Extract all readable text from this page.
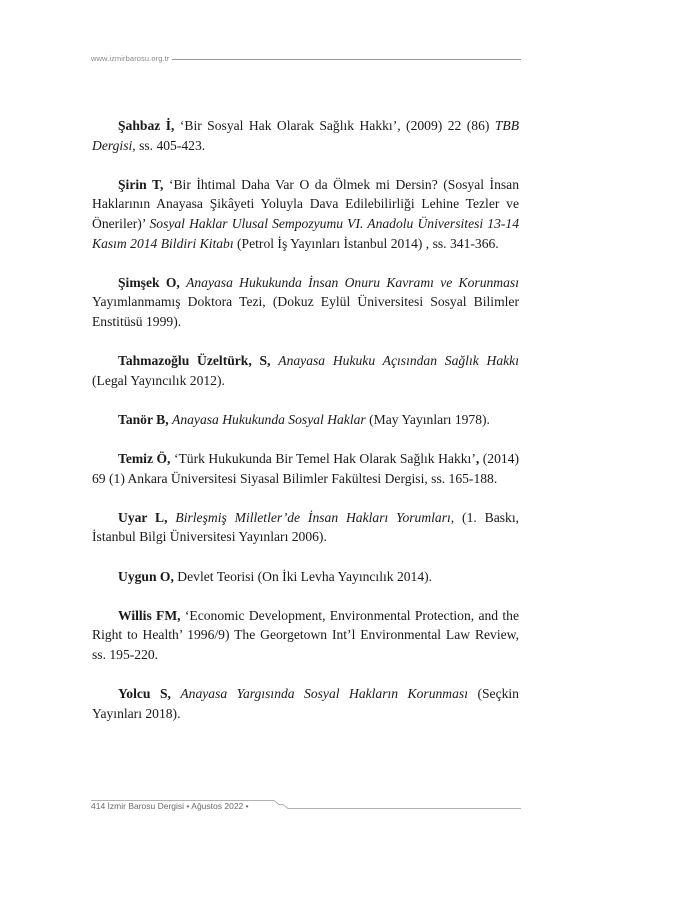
www.izmirbarosu.org.tr

Şahbaz İ, ‘Bir Sosyal Hak Olarak Sağlık Hakkı’, (2009) 22 (86) TBB Dergisi, ss. 405-423.

Şirin T, ‘Bir İhtimal Daha Var O da Ölmek mi Dersin? (Sosyal İnsan Haklarının Anayasa Şikâyeti Yoluyla Dava Edilebilirliği Lehine Tezler ve Öneriler)’ Sosyal Haklar Ulusal Sempozyumu VI. Anadolu Üniversitesi 13-14 Kasım 2014 Bildiri Kitabı (Petrol İş Yayınları İstanbul 2014) , ss. 341-366.

Şimşek O, Anayasa Hukukunda İnsan Onuru Kavramı ve Korunması Yayımlanmamış Doktora Tezi, (Dokuz Eylül Üniversitesi Sosyal Bilimler Enstitüsü 1999).

Tahmazoğlu Üzeltürk, S, Anayasa Hukuku Açısından Sağlık Hakkı (Legal Yayıncılık 2012).

Tanör B, Anayasa Hukukunda Sosyal Haklar (May Yayınları 1978).

Temiz Ö, ‘Türk Hukukunda Bir Temel Hak Olarak Sağlık Hakkı’, (2014) 69 (1) Ankara Üniversitesi Siyasal Bilimler Fakültesi Dergisi, ss. 165-188.

Uyar L, Birleşmiş Milletler’de İnsan Hakları Yorumları, (1. Baskı, İstanbul Bilgi Üniversitesi Yayınları 2006).

Uygun O, Devlet Teorisi (On İki Levha Yayıncılık 2014).

Willis FM, ‘Economic Development, Environmental Protection, and the Right to Health’ 1996/9) The Georgetown Int’l Environmental Law Review, ss. 195-220.

Yolcu S, Anayasa Yargısında Sosyal Hakların Korunması (Seçkin Yayınları 2018).

414 İzmir Barosu Dergisi • Ağustos 2022 •
